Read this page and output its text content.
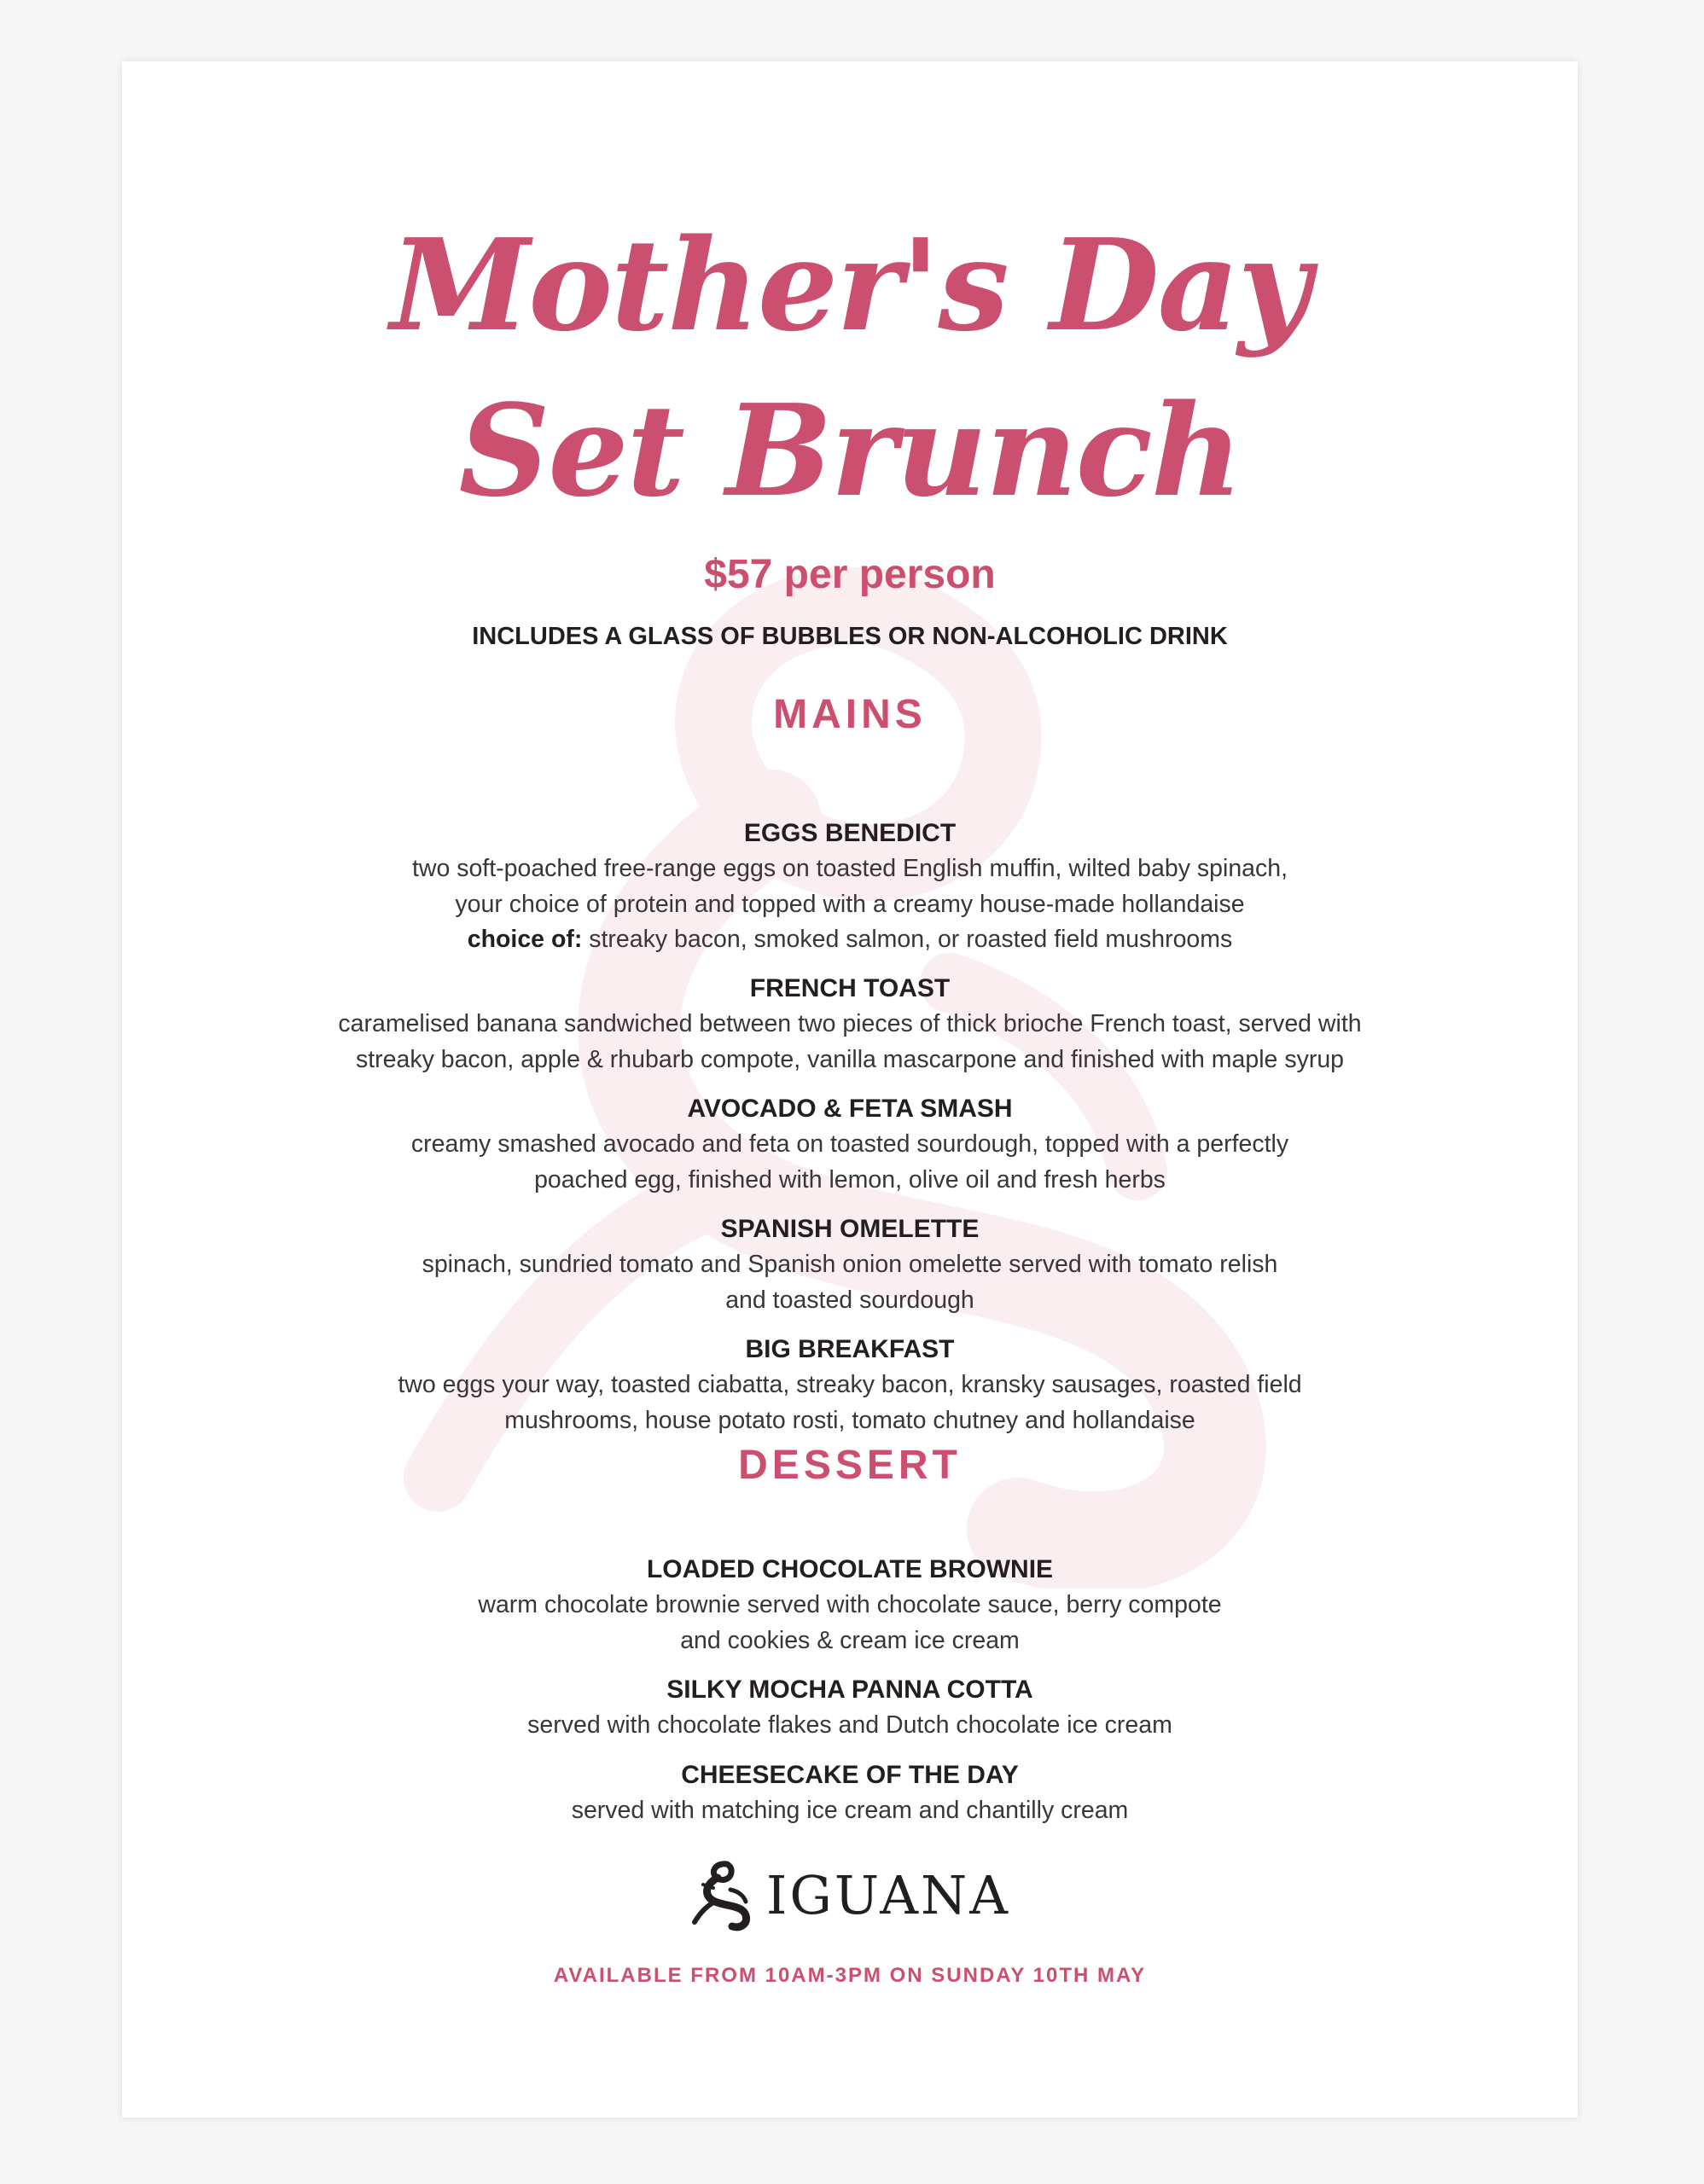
Mother's Day
Set Brunch
$57 per person
INCLUDES A GLASS OF BUBBLES OR NON-ALCOHOLIC DRINK
MAINS
EGGS BENEDICT
two soft-poached free-range eggs on toasted English muffin, wilted baby spinach,
your choice of protein and topped with a creamy house-made hollandaise
choice of: streaky bacon, smoked salmon, or roasted field mushrooms
FRENCH TOAST
caramelised banana sandwiched between two pieces of thick brioche French toast, served with
streaky bacon, apple & rhubarb compote, vanilla mascarpone and finished with maple syrup
AVOCADO & FETA SMASH
creamy smashed avocado and feta on toasted sourdough, topped with a perfectly
poached egg, finished with lemon, olive oil and fresh herbs
SPANISH OMELETTE
spinach, sundried tomato and Spanish onion omelette served with tomato relish
and toasted sourdough
BIG BREAKFAST
two eggs your way, toasted ciabatta, streaky bacon, kransky sausages, roasted field
mushrooms, house potato rosti, tomato chutney and hollandaise
DESSERT
LOADED CHOCOLATE BROWNIE
warm chocolate brownie served with chocolate sauce, berry compote
and cookies & cream ice cream
SILKY MOCHA PANNA COTTA
served with chocolate flakes and Dutch chocolate ice cream
CHEESECAKE OF THE DAY
served with matching ice cream and chantilly cream
IGUANA
AVAILABLE FROM 10AM-3PM ON SUNDAY 10TH MAY
